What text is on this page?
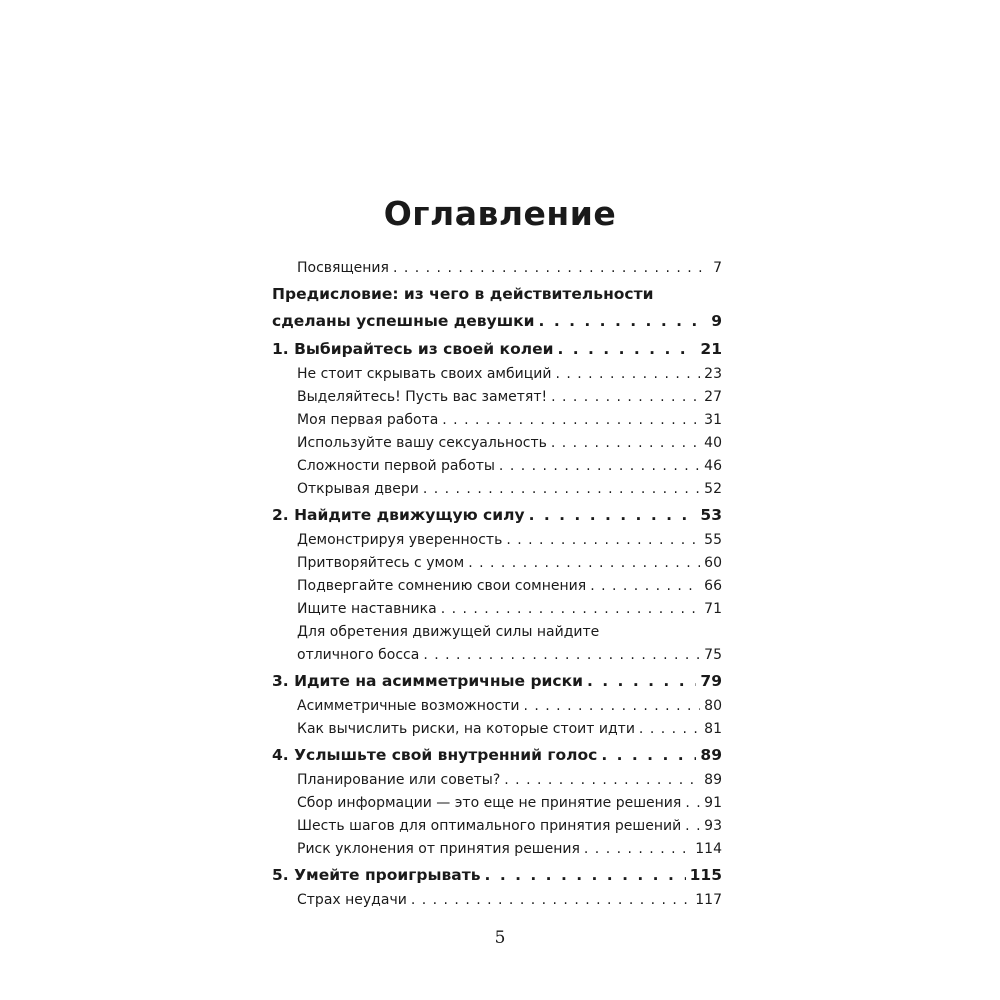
Оглавление
Посвящения . . .	7
Предисловие: из чего в действительности
сделаны успешные девушки . . .	9
1. Выбирайтесь из своей колеи . . .	21
Не стоит скрывать своих амбиций . . .	23
Выделяйтесь! Пусть вас заметят! . . .	27
Моя первая работа . . .	31
Используйте вашу сексуальность . . .	40
Сложности первой работы . . .	46
Открывая двери . . .	52
2. Найдите движущую силу . . .	53
Демонстрируя уверенность . . .	55
Притворяйтесь с умом . . .	60
Подвергайте сомнению свои сомнения . . .	66
Ищите наставника . . .	71
Для обретения движущей силы найдите
отличного босса . . .	75
3. Идите на асимметричные риски . . .	79
Асимметричные возможности . . .	80
Как вычислить риски, на которые стоит идти . . .	81
4. Услышьте свой внутренний голос . . .	89
Планирование или советы? . . .	89
Сбор информации — это еще не принятие решения . . . 91
Шесть шагов для оптимального принятия решений . . . 93
Риск уклонения от принятия решения . . .	114
5. Умейте проигрывать . . .	115
Страх неудачи . . .	117
5
